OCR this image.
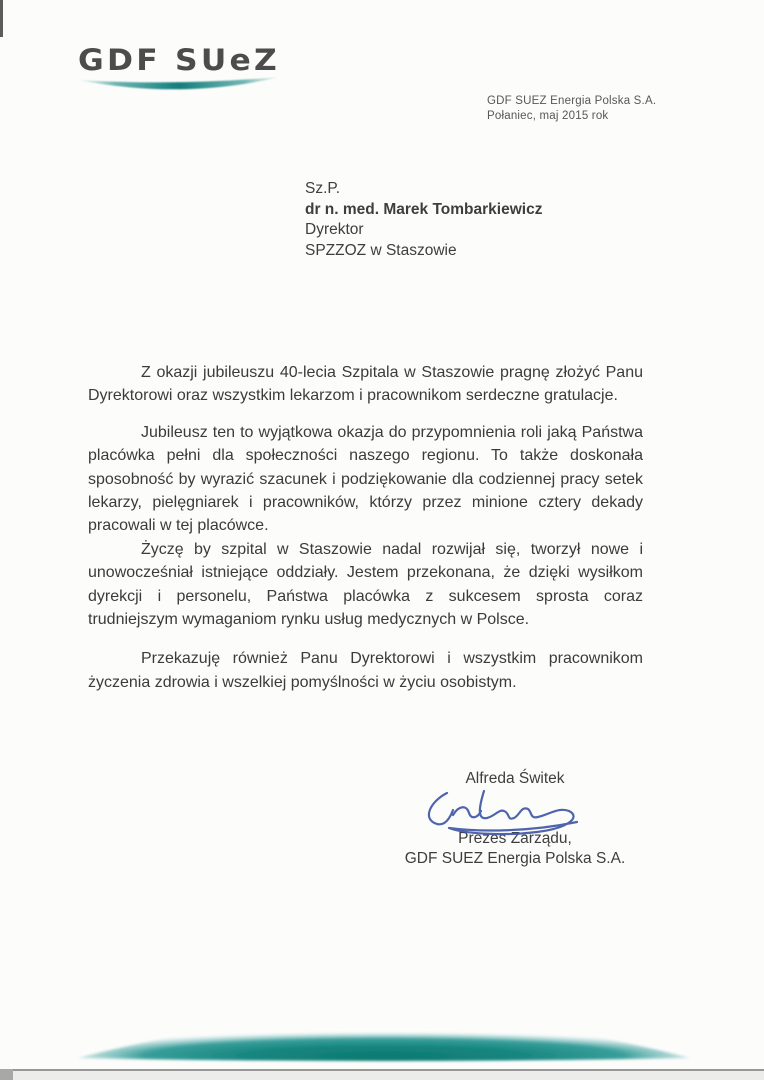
GDF SUeZ
GDF SUEZ Energia Polska S.A.
Połaniec, maj 2015 rok
Sz.P.
dr n. med. Marek Tombarkiewicz
Dyrektor
SPZZOZ w Staszowie

Z okazji jubileuszu 40-lecia Szpitala w Staszowie pragnę złożyć Panu Dyrektorowi oraz wszystkim lekarzom i pracownikom serdeczne gratulacje.

Jubileusz ten to wyjątkowa okazja do przypomnienia roli jaką Państwa placówka pełni dla społeczności naszego regionu. To także doskonała sposobność by wyrazić szacunek i podziękowanie dla codziennej pracy setek lekarzy, pielęgniarek i pracowników, którzy przez minione cztery dekady pracowali w tej placówce.

Życzę by szpital w Staszowie nadal rozwijał się, tworzył nowe i unowocześniał istniejące oddziały. Jestem przekonana, że dzięki wysiłkom dyrekcji i personelu, Państwa placówka z sukcesem sprosta coraz trudniejszym wymaganiom rynku usług medycznych w Polsce.

Przekazuję również Panu Dyrektorowi i wszystkim pracownikom życzenia zdrowia i wszelkiej pomyślności w życiu osobistym.

Alfreda Świtek
Prezes Zarządu,
GDF SUEZ Energia Polska S.A.
